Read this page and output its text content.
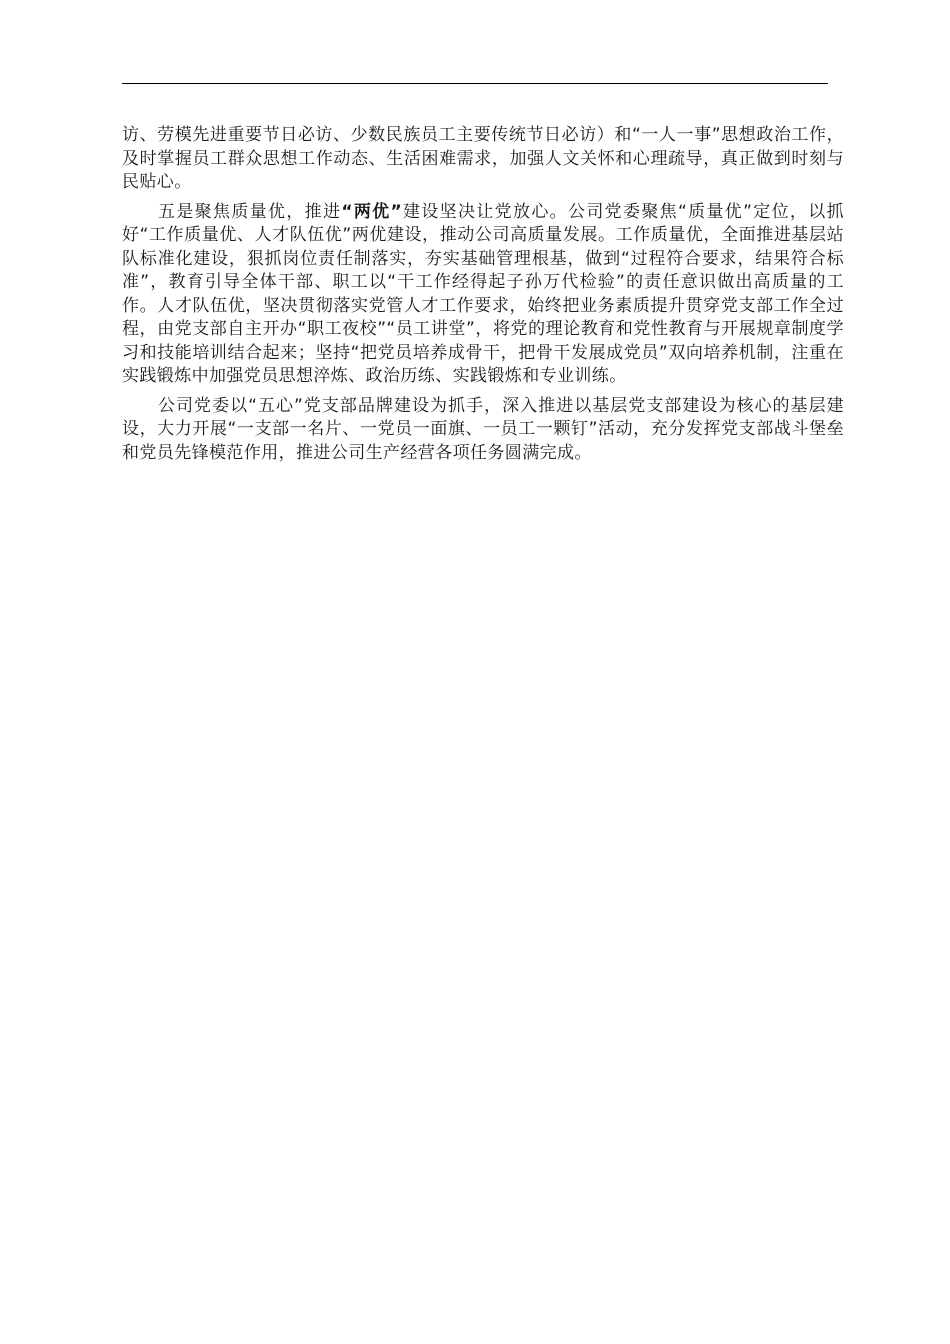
访、劳模先进重要节日必访、少数民族员工主要传统节日必访）和“一人一事”思想政治工作，及时掌握员工群众思想工作动态、生活困难需求，加强人文关怀和心理疏导，真正做到时刻与民贴心。

五是聚焦质量优，推进“两优”建设坚决让党放心。公司党委聚焦“质量优”定位，以抓好“工作质量优、人才队伍优”两优建设，推动公司高质量发展。工作质量优，全面推进基层站队标准化建设，狠抓岗位责任制落实，夯实基础管理根基，做到“过程符合要求，结果符合标准”，教育引导全体干部、职工以“干工作经得起子孙万代检验”的责任意识做出高质量的工作。人才队伍优，坚决贯彻落实党管人才工作要求，始终把业务素质提升贯穿党支部工作全过程，由党支部自主开办“职工夜校”“员工讲堂”，将党的理论教育和党性教育与开展规章制度学习和技能培训结合起来；坚持“把党员培养成骨干，把骨干发展成党员”双向培养机制，注重在实践锻炼中加强党员思想淬炼、政治历练、实践锻炼和专业训练。

公司党委以“五心”党支部品牌建设为抓手，深入推进以基层党支部建设为核心的基层建设，大力开展“一支部一名片、一党员一面旗、一员工一颗钉”活动，充分发挥党支部战斗堡垒和党员先锋模范作用，推进公司生产经营各项任务圆满完成。
